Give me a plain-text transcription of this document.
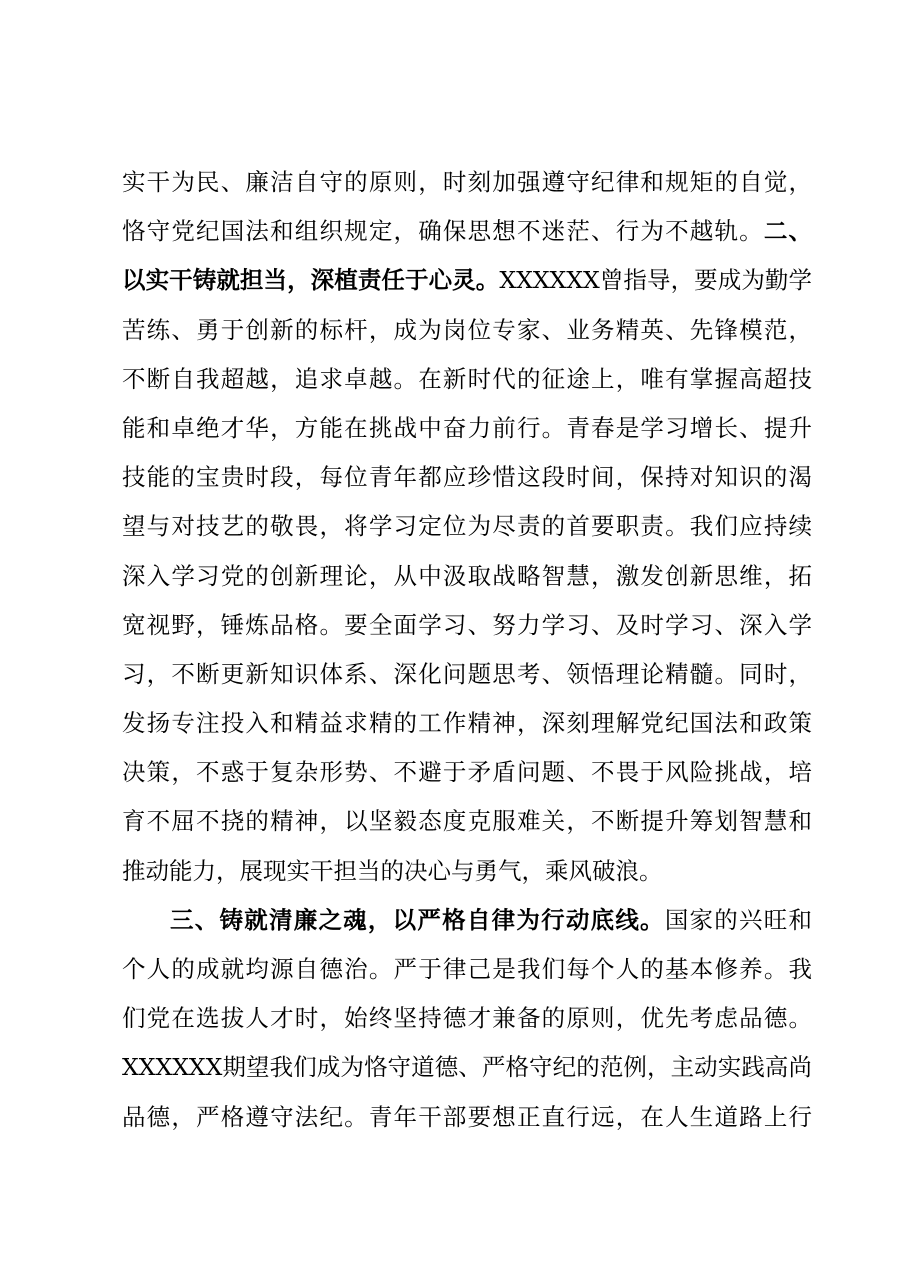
实干为民、廉洁自守的原则，时刻加强遵守纪律和规矩的自觉，
恪守党纪国法和组织规定，确保思想不迷茫、行为不越轨。二、
以实干铸就担当，深植责任于心灵。XXXXXX曾指导，要成为勤学
苦练、勇于创新的标杆，成为岗位专家、业务精英、先锋模范，
不断自我超越，追求卓越。在新时代的征途上，唯有掌握高超技
能和卓绝才华，方能在挑战中奋力前行。青春是学习增长、提升
技能的宝贵时段，每位青年都应珍惜这段时间，保持对知识的渴
望与对技艺的敬畏，将学习定位为尽责的首要职责。我们应持续
深入学习党的创新理论，从中汲取战略智慧，激发创新思维，拓
宽视野，锤炼品格。要全面学习、努力学习、及时学习、深入学
习，不断更新知识体系、深化问题思考、领悟理论精髓。同时，
发扬专注投入和精益求精的工作精神，深刻理解党纪国法和政策
决策，不惑于复杂形势、不避于矛盾问题、不畏于风险挑战，培
育不屈不挠的精神，以坚毅态度克服难关，不断提升筹划智慧和
推动能力，展现实干担当的决心与勇气，乘风破浪。
三、铸就清廉之魂，以严格自律为行动底线。国家的兴旺和
个人的成就均源自德治。严于律己是我们每个人的基本修养。我
们党在选拔人才时，始终坚持德才兼备的原则，优先考虑品德。
XXXXXX期望我们成为恪守道德、严格守纪的范例，主动实践高尚
品德，严格遵守法纪。青年干部要想正直行远，在人生道路上行
